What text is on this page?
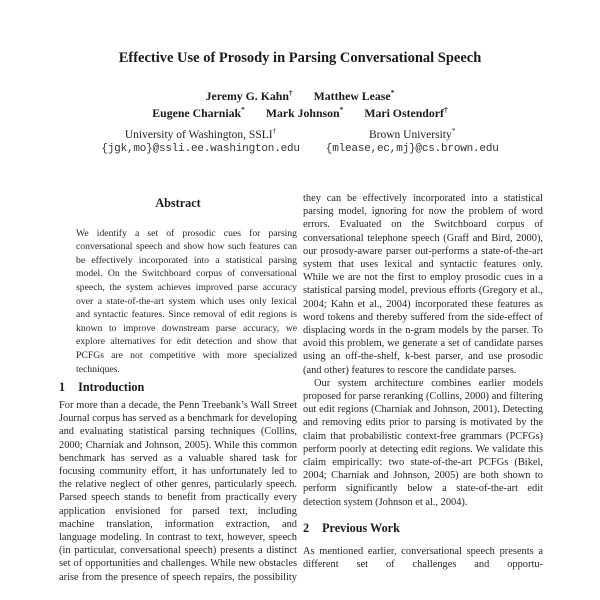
Effective Use of Prosody in Parsing Conversational Speech
Jeremy G. Kahn† Matthew Lease*
Eugene Charniak* Mark Johnson* Mari Ostendorf†
University of Washington, SSLI†
{jgk,mo}@ssli.ee.washington.edu
Brown University*
{mlease,ec,mj}@cs.brown.edu
Abstract

We identify a set of prosodic cues for parsing conversational speech and show how such features can be effectively incorporated into a statistical parsing model. On the Switchboard corpus of conversational speech, the system achieves improved parse accuracy over a state-of-the-art system which uses only lexical and syntactic features. Since removal of edit regions is known to improve downstream parse accuracy, we explore alternatives for edit detection and show that PCFGs are not competitive with more specialized techniques.

1 Introduction

For more than a decade, the Penn Treebank’s Wall Street Journal corpus has served as a benchmark for developing and evaluating statistical parsing techniques (Collins, 2000; Charniak and Johnson, 2005). While this common benchmark has served as a valuable shared task for focusing community effort, it has unfortunately led to the relative neglect of other genres, particularly speech. Parsed speech stands to benefit from practically every application envisioned for parsed text, including machine translation, information extraction, and language modeling. In contrast to text, however, speech (in particular, conversational speech) presents a distinct set of opportunities and challenges. While new obstacles arise from the presence of speech repairs, the possibility

they can be effectively incorporated into a statistical parsing model, ignoring for now the problem of word errors. Evaluated on the Switchboard corpus of conversational telephone speech (Graff and Bird, 2000), our prosody-aware parser out-performs a state-of-the-art system that uses lexical and syntactic features only. While we are not the first to employ prosodic cues in a statistical parsing model, previous efforts (Gregory et al., 2004; Kahn et al., 2004) incorporated these features as word tokens and thereby suffered from the side-effect of displacing words in the n-gram models by the parser. To avoid this problem, we generate a set of candidate parses using an off-the-shelf, k-best parser, and use prosodic (and other) features to rescore the candidate parses.

Our system architecture combines earlier models proposed for parse reranking (Collins, 2000) and filtering out edit regions (Charniak and Johnson, 2001). Detecting and removing edits prior to parsing is motivated by the claim that probabilistic context-free grammars (PCFGs) perform poorly at detecting edit regions. We validate this claim empirically: two state-of-the-art PCFGs (Bikel, 2004; Charniak and Johnson, 2005) are both shown to perform significantly below a state-of-the-art edit detection system (Johnson et al., 2004).

2 Previous Work

As mentioned earlier, conversational speech presents a different set of challenges and opportu-
